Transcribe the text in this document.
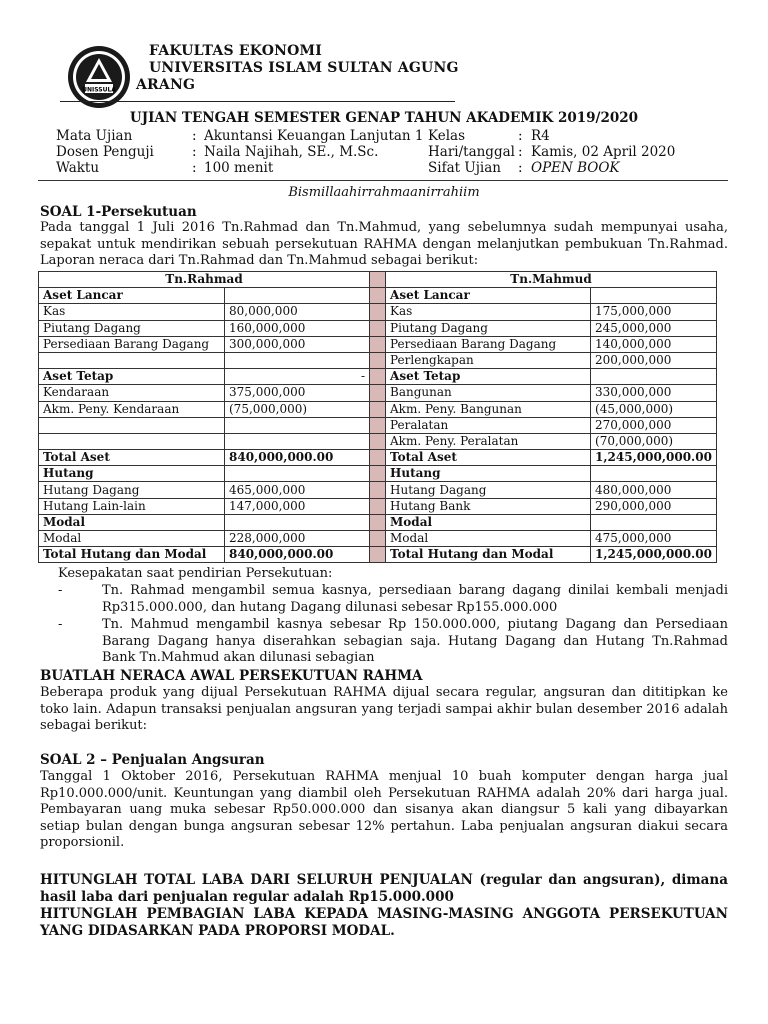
UNISSULA
FAKULTAS EKONOMI
UNIVERSITAS ISLAM SULTAN AGUNG
ARANG
UJIAN TENGAH SEMESTER GENAP TAHUN AKADEMIK 2019/2020
Mata Ujian	: Akuntansi Keuangan Lanjutan 1 Kelas	: R4
Dosen Penguji	: Naila Najihah, SE., M.Sc.	Hari/tanggal : Kamis, 02 April 2020
Waktu	: 100 menit	Sifat Ujian : OPEN BOOK
Bismillaahirrahmaanirrahiim
SOAL 1-Persekutuan
Pada tanggal 1 Juli 2016 Tn.Rahmad dan Tn.Mahmud, yang sebelumnya sudah mempunyai usaha, sepakat untuk mendirikan sebuah persekutuan RAHMA dengan melanjutkan pembukuan Tn.Rahmad. Laporan neraca dari Tn.Rahmad dan Tn.Mahmud sebagai berikut:
Tn.Rahmad			Tn.Mahmud	
Aset Lancar			Aset Lancar	
Kas	80,000,000		Kas	175,000,000
Piutang Dagang	160,000,000		Piutang Dagang	245,000,000
Persediaan Barang Dagang	300,000,000		Persediaan Barang Dagang	140,000,000
			Perlengkapan	200,000,000
Aset Tetap	-		Aset Tetap	
Kendaraan	375,000,000		Bangunan	330,000,000
Akm. Peny. Kendaraan	(75,000,000)		Akm. Peny. Bangunan	(45,000,000)
			Peralatan	270,000,000
			Akm. Peny. Peralatan	(70,000,000)
Total Aset	840,000,000.00		Total Aset	1,245,000,000.00
Hutang			Hutang	
Hutang Dagang	465,000,000		Hutang Dagang	480,000,000
Hutang Lain-lain	147,000,000		Hutang Bank	290,000,000
Modal			Modal	
Modal	228,000,000		Modal	475,000,000
Total Hutang dan Modal	840,000,000.00		Total Hutang dan Modal	1,245,000,000.00
Kesepakatan saat pendirian Persekutuan:
-	Tn. Rahmad mengambil semua kasnya, persediaan barang dagang dinilai kembali menjadi Rp315.000.000, dan hutang Dagang dilunasi sebesar Rp155.000.000
-	Tn. Mahmud mengambil kasnya sebesar Rp 150.000.000, piutang Dagang dan Persediaan Barang Dagang hanya diserahkan sebagian saja. Hutang Dagang dan Hutang Tn.Rahmad Bank Tn.Mahmud akan dilunasi sebagian
BUATLAH NERACA AWAL PERSEKUTUAN RAHMA
Beberapa produk yang dijual Persekutuan RAHMA dijual secara regular, angsuran dan dititipkan ke toko lain. Adapun transaksi penjualan angsuran yang terjadi sampai akhir bulan desember 2016 adalah sebagai berikut:
SOAL 2 – Penjualan Angsuran
Tanggal 1 Oktober 2016, Persekutuan RAHMA menjual 10 buah komputer dengan harga jual Rp10.000.000/unit. Keuntungan yang diambil oleh Persekutuan RAHMA adalah 20% dari harga jual. Pembayaran uang muka sebesar Rp50.000.000 dan sisanya akan diangsur 5 kali yang dibayarkan setiap bulan dengan bunga angsuran sebesar 12% pertahun. Laba penjualan angsuran diakui secara proporsionil.
HITUNGLAH TOTAL LABA DARI SELURUH PENJUALAN (regular dan angsuran), dimana hasil laba dari penjualan regular adalah Rp15.000.000
HITUNGLAH PEMBAGIAN LABA KEPADA MASING-MASING ANGGOTA PERSEKUTUAN YANG DIDASARKAN PADA PROPORSI MODAL.
